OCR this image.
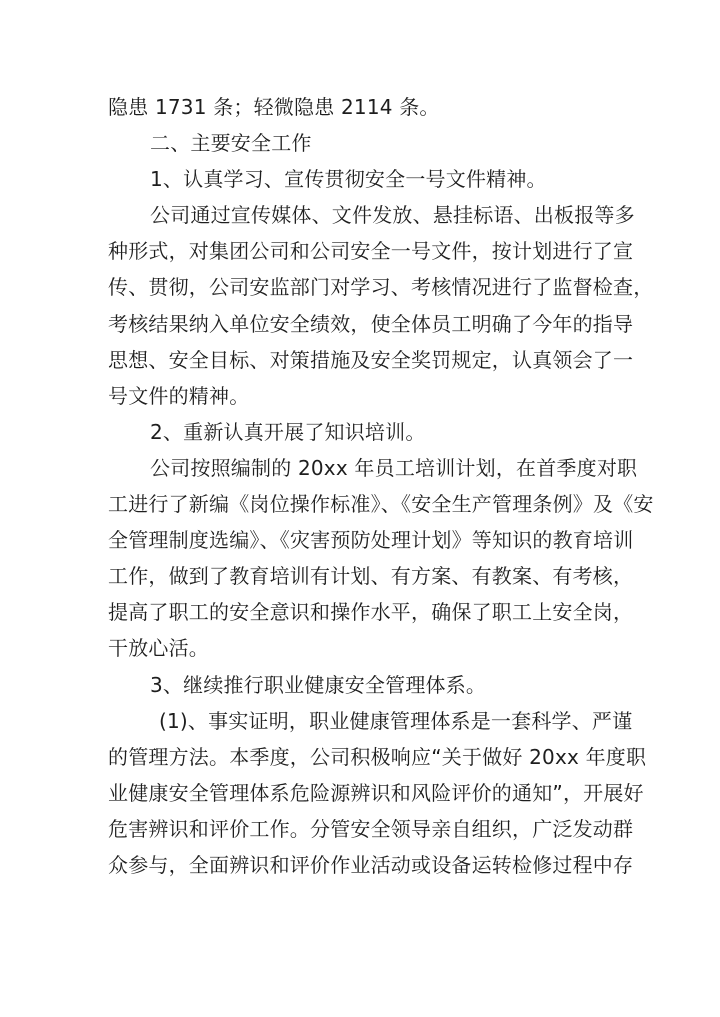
隐患 1731 条；轻微隐患 2114 条。
二、主要安全工作
1、认真学习、宣传贯彻安全一号文件精神。
公司通过宣传媒体、文件发放、悬挂标语、出板报等多
种形式，对集团公司和公司安全一号文件，按计划进行了宣
传、贯彻，公司安监部门对学习、考核情况进行了监督检查，
考核结果纳入单位安全绩效，使全体员工明确了今年的指导
思想、安全目标、对策措施及安全奖罚规定，认真领会了一
号文件的精神。
2、重新认真开展了知识培训。
公司按照编制的 20xx 年员工培训计划，在首季度对职
工进行了新编《岗位操作标准》、《安全生产管理条例》及《安
全管理制度选编》、《灾害预防处理计划》等知识的教育培训
工作，做到了教育培训有计划、有方案、有教案、有考核，
提高了职工的安全意识和操作水平，确保了职工上安全岗，
干放心活。
3、继续推行职业健康安全管理体系。
(1)、事实证明，职业健康管理体系是一套科学、严谨
的管理方法。本季度，公司积极响应“关于做好 20xx 年度职
业健康安全管理体系危险源辨识和风险评价的通知”，开展好
危害辨识和评价工作。分管安全领导亲自组织，广泛发动群
众参与，全面辨识和评价作业活动或设备运转检修过程中存
